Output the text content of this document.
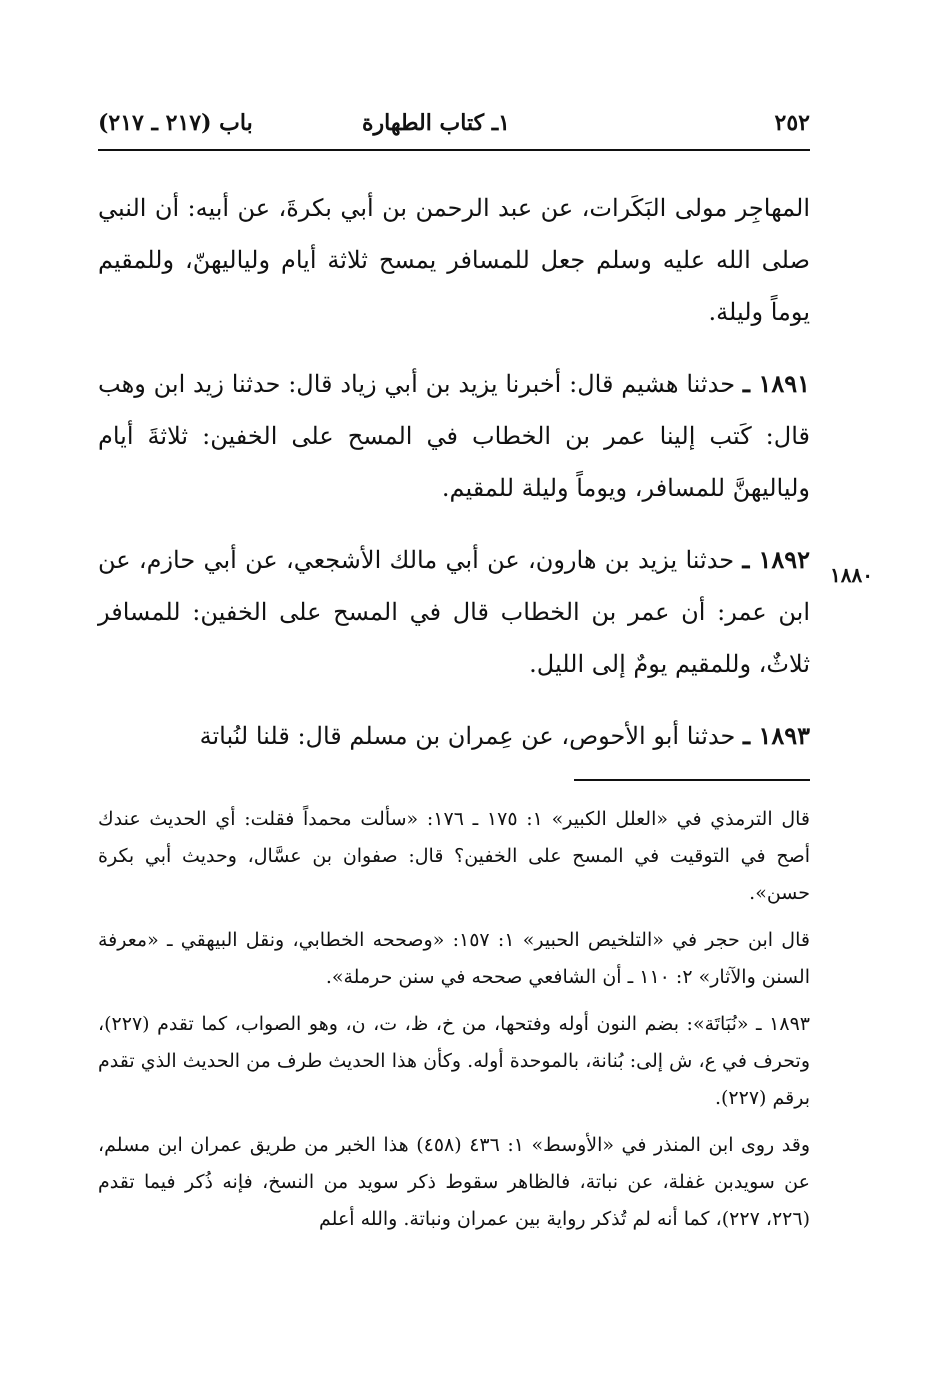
٢٥٢
١ـ كتاب الطهارة
باب (٢١٧ ـ ٢١٧)
١٨٨٠

المهاجِر مولى البَكَرات، عن عبد الرحمن بن أبي بكرةَ، عن أبيه: أن النبي صلى الله عليه وسلم جعل للمسافر يمسح ثلاثة أيام ولياليهنّ، وللمقيم يوماً وليلة.

١٨٩١ ـ حدثنا هشيم قال: أخبرنا يزيد بن أبي زياد قال: حدثنا زيد ابن وهب قال: كَتب إلينا عمر بن الخطاب في المسح على الخفين: ثلاثةَ أيام ولياليهنَّ للمسافر، ويوماً وليلة للمقيم.

١٨٩٢ ـ حدثنا يزيد بن هارون، عن أبي مالك الأشجعي، عن أبي حازم، عن ابن عمر: أن عمر بن الخطاب قال في المسح على الخفين: للمسافر ثلاثٌ، وللمقيم يومٌ إلى الليل.

١٨٩٣ ـ حدثنا أبو الأحوص، عن عِمران بن مسلم قال: قلنا لنُباتة

قال الترمذي في «العلل الكبير» ١: ١٧٥ ـ ١٧٦: «سألت محمداً فقلت: أي الحديث عندك أصح في التوقيت في المسح على الخفين؟ قال: صفوان بن عسَّال، وحديث أبي بكرة حسن».

قال ابن حجر في «التلخيص الحبير» ١: ١٥٧: «وصححه الخطابي، ونقل البيهقي ـ «معرفة السنن والآثار» ٢: ١١٠ ـ أن الشافعي صححه في سنن حرملة».

١٨٩٣ ـ «نُبَاتَة»: بضم النون أوله وفتحها، من خ، ظ، ت، ن، وهو الصواب، كما تقدم (٢٢٧)، وتحرف في ع، ش إلى: بُنانة، بالموحدة أوله. وكأن هذا الحديث طرف من الحديث الذي تقدم برقم (٢٢٧).

وقد روى ابن المنذر في «الأوسط» ١: ٤٣٦ (٤٥٨) هذا الخبر من طريق عمران ابن مسلم، عن سويدبن غفلة، عن نباتة، فالظاهر سقوط ذكر سويد من النسخ، فإنه ذُكر فيما تقدم (٢٢٦، ٢٢٧)، كما أنه لم تُذكر رواية بين عمران ونباتة. والله أعلم
